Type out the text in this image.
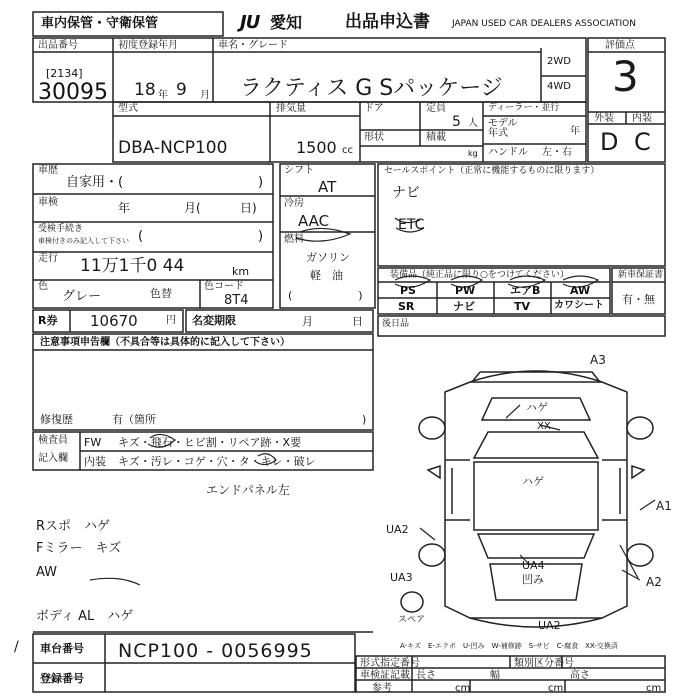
車内保管・守衛保管	JU 愛知	出品申込書 JAPAN USED CAR DEALERS ASSOCIATION
出品番号
[2134]
30095
初度登録年月
18 年 9 月
車名・グレード
ラクティス G Sパッケージ
2WD
4WD
評価点
3
外装 内装
D C
型式
DBA-NCP100
排気量
1500 cc
ドア	定員
5 人
形状	積載
kg
ディーラー・並行
モデル
年式	年
ハンドル 左・右
車歴
自家用・(	)
車検	年	月(	日)
受検手続き
車検付きのみ記入して下さい (	)
走行 11万1千0 44	km
色
グレー	色替
色コード
8T4
R券 10670	円 名変期限	月	日
シフト
AT
冷房
AAC
燃料
ガソリン
軽　油
(　　　　　　)
セールスポイント（正常に機能するものに限ります）
ナビ
ETC
装備品（純正品に限り○をつけてください）
PS	PW	エアB	AW
SR	ナビ	TV カワシート
新車保証書
有・無
後日品
注意事項申告欄（不具合等は具体的に記入して下さい）
修復歴	有（箇所	)
検査員
記入欄
FW キズ・飛石・ヒビ割・リペア跡・X要
内装 キズ・汚レ・コゲ・穴・タ・キレ・破レ
エンドパネル左
Rスポ　ハゲ
Fミラー　キズ
AW
ボディ AL　ハゲ
/
A3
ハゲ
XX
ハゲ
A1
UA2
UA3
UA4
凹み	A2
UA2
スペア
A-キズ　E-エクボ　U-凹み　W-補修跡　S-サビ　C-腐食　XX-交換済
車台番号 NCP100 - 0056995
登録番号
形式指定番号	類別区分番号
車検証記載 長さ	幅	高さ
参考	cm	cm	cm
